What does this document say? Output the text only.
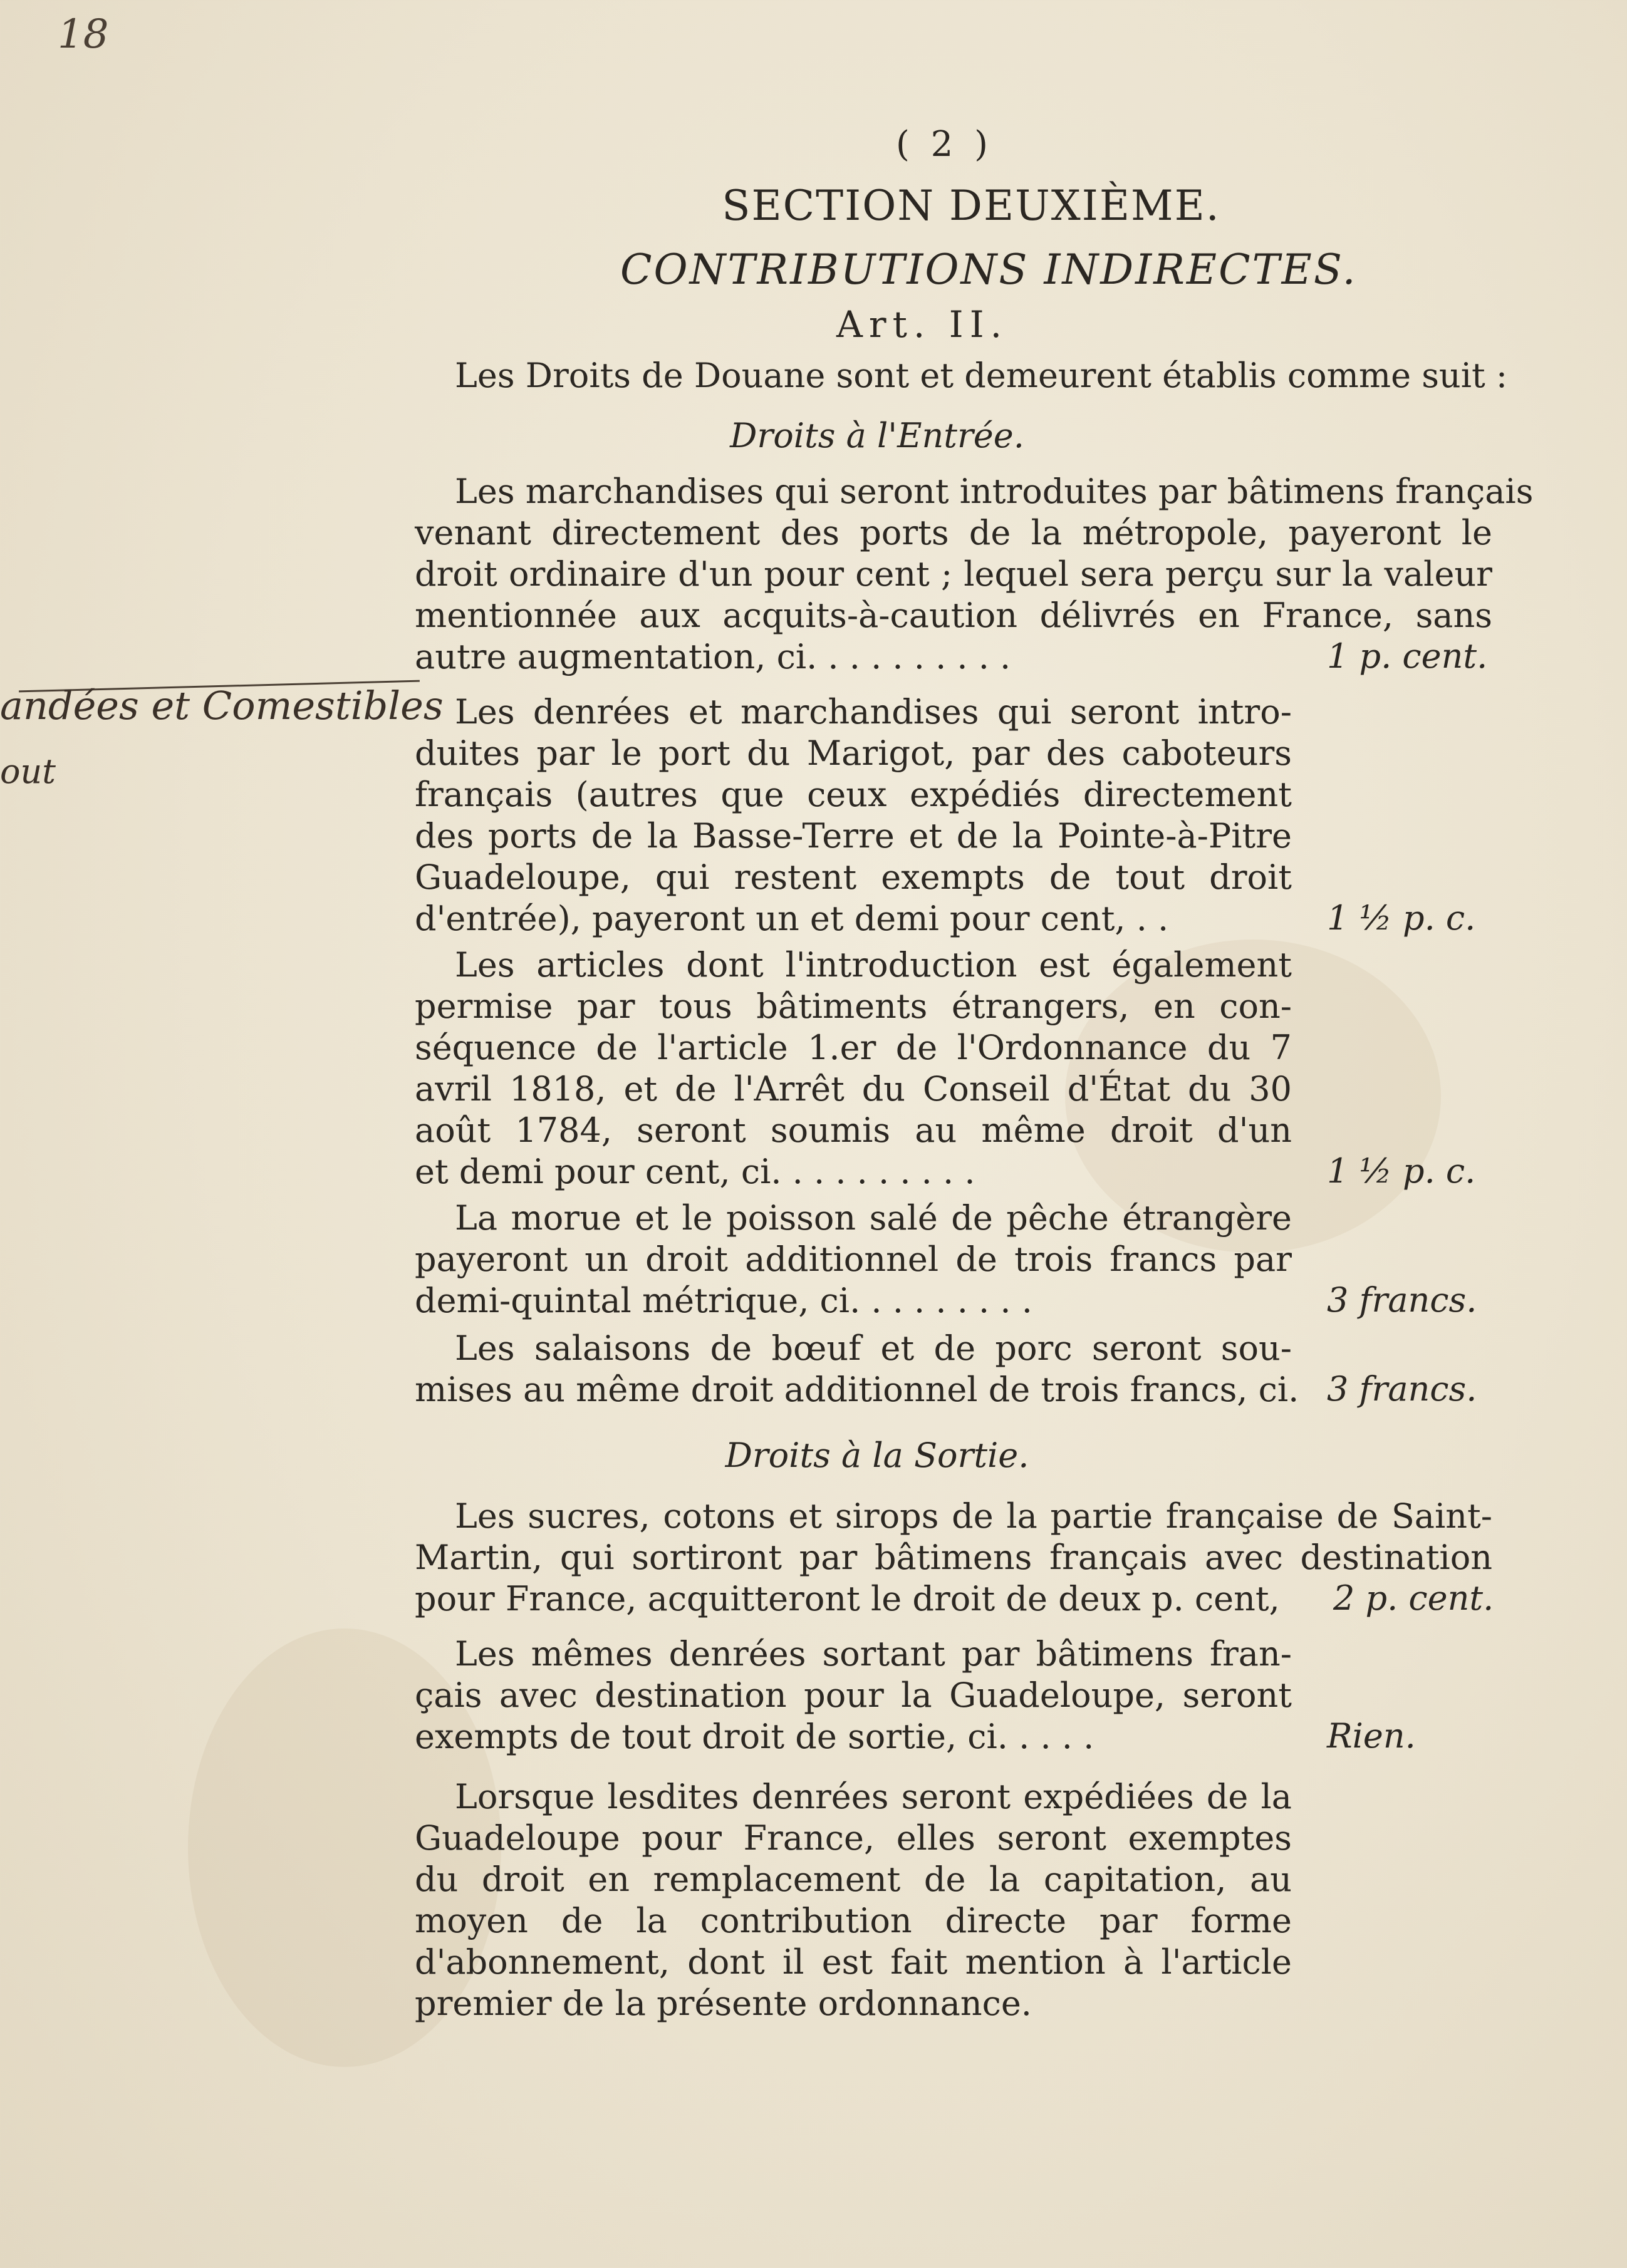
18
( 2 )
SECTION DEUXIÈME.
CONTRIBUTIONS INDIRECTES.
Art. II.
Les Droits de Douane sont et demeurent établis comme suit :
Droits à l'Entrée.
Les marchandises qui seront introduites par bâtimens français
venant directement des ports de la métropole, payeront le
droit ordinaire d'un pour cent ; lequel sera perçu sur la valeur
mentionnée aux acquits-à-caution délivrés en France, sans
autre augmentation, ci. . . . . . . . . .	1 p. cent.
andées et Comestibles
out
Les denrées et marchandises qui seront intro-
duites par le port du Marigot, par des caboteurs
français (autres que ceux expédiés directement
des ports de la Basse-Terre et de la Pointe-à-Pitre
Guadeloupe, qui restent exempts de tout droit
d'entrée), payeront un et demi pour cent, . .	1 ½ p. c.
Les articles dont l'introduction est également
permise par tous bâtiments étrangers, en con-
séquence de l'article 1.er de l'Ordonnance du 7
avril 1818, et de l'Arrêt du Conseil d'État du 30
août 1784, seront soumis au même droit d'un
et demi pour cent, ci. . . . . . . . . .	1 ½ p. c.
La morue et le poisson salé de pêche étrangère
payeront un droit additionnel de trois francs par
demi-quintal métrique, ci. . . . . . . . .	3 francs.
Les salaisons de bœuf et de porc seront sou-
mises au même droit additionnel de trois francs, ci. 3 francs.
Droits à la Sortie.
Les sucres, cotons et sirops de la partie française de Saint-
Martin, qui sortiront par bâtimens français avec destination
pour France, acquitteront le droit de deux p. cent,	2 p. cent.
Les mêmes denrées sortant par bâtimens fran-
çais avec destination pour la Guadeloupe, seront
exempts de tout droit de sortie, ci. . . . .	Rien.
Lorsque lesdites denrées seront expédiées de la
Guadeloupe pour France, elles seront exemptes
du droit en remplacement de la capitation, au
moyen de la contribution directe par forme
d'abonnement, dont il est fait mention à l'article
premier de la présente ordonnance.
